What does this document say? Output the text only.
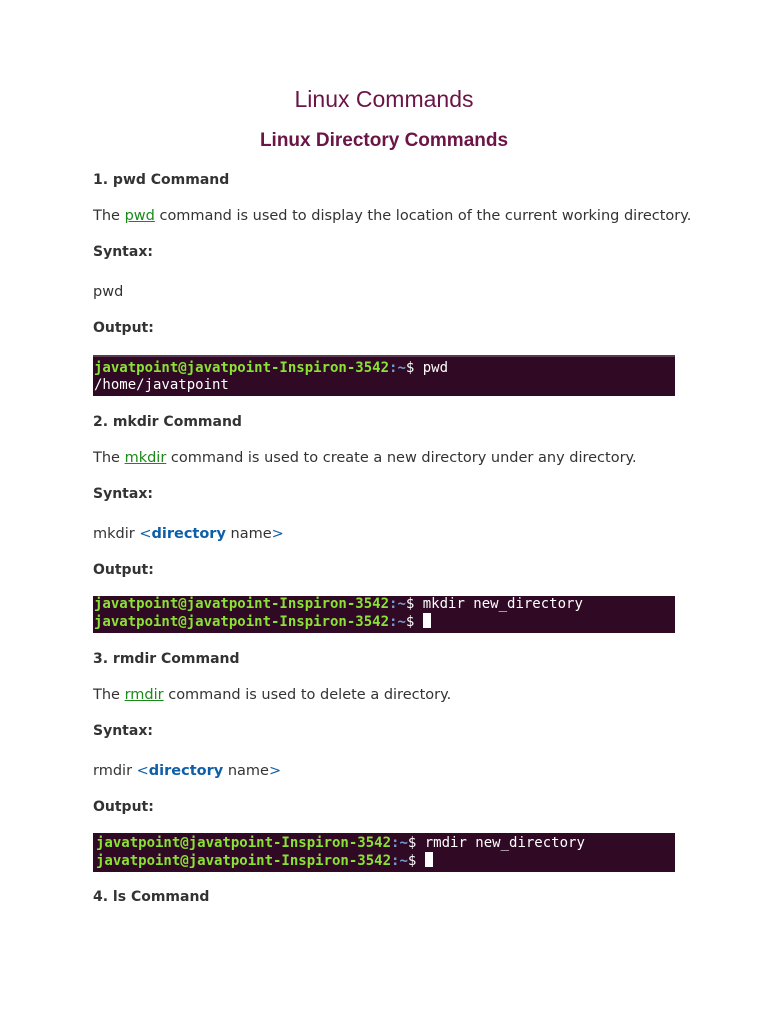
Linux Commands
Linux Directory Commands
1. pwd Command
The pwd command is used to display the location of the current working directory.
Syntax:
pwd
Output:
javatpoint@javatpoint-Inspiron-3542:~$ pwd
/home/javatpoint
2. mkdir Command
The mkdir command is used to create a new directory under any directory.
Syntax:
mkdir <directory name>
Output:
javatpoint@javatpoint-Inspiron-3542:~$ mkdir new_directory
javatpoint@javatpoint-Inspiron-3542:~$
3. rmdir Command
The rmdir command is used to delete a directory.
Syntax:
rmdir <directory name>
Output:
javatpoint@javatpoint-Inspiron-3542:~$ rmdir new_directory
javatpoint@javatpoint-Inspiron-3542:~$
4. ls Command
